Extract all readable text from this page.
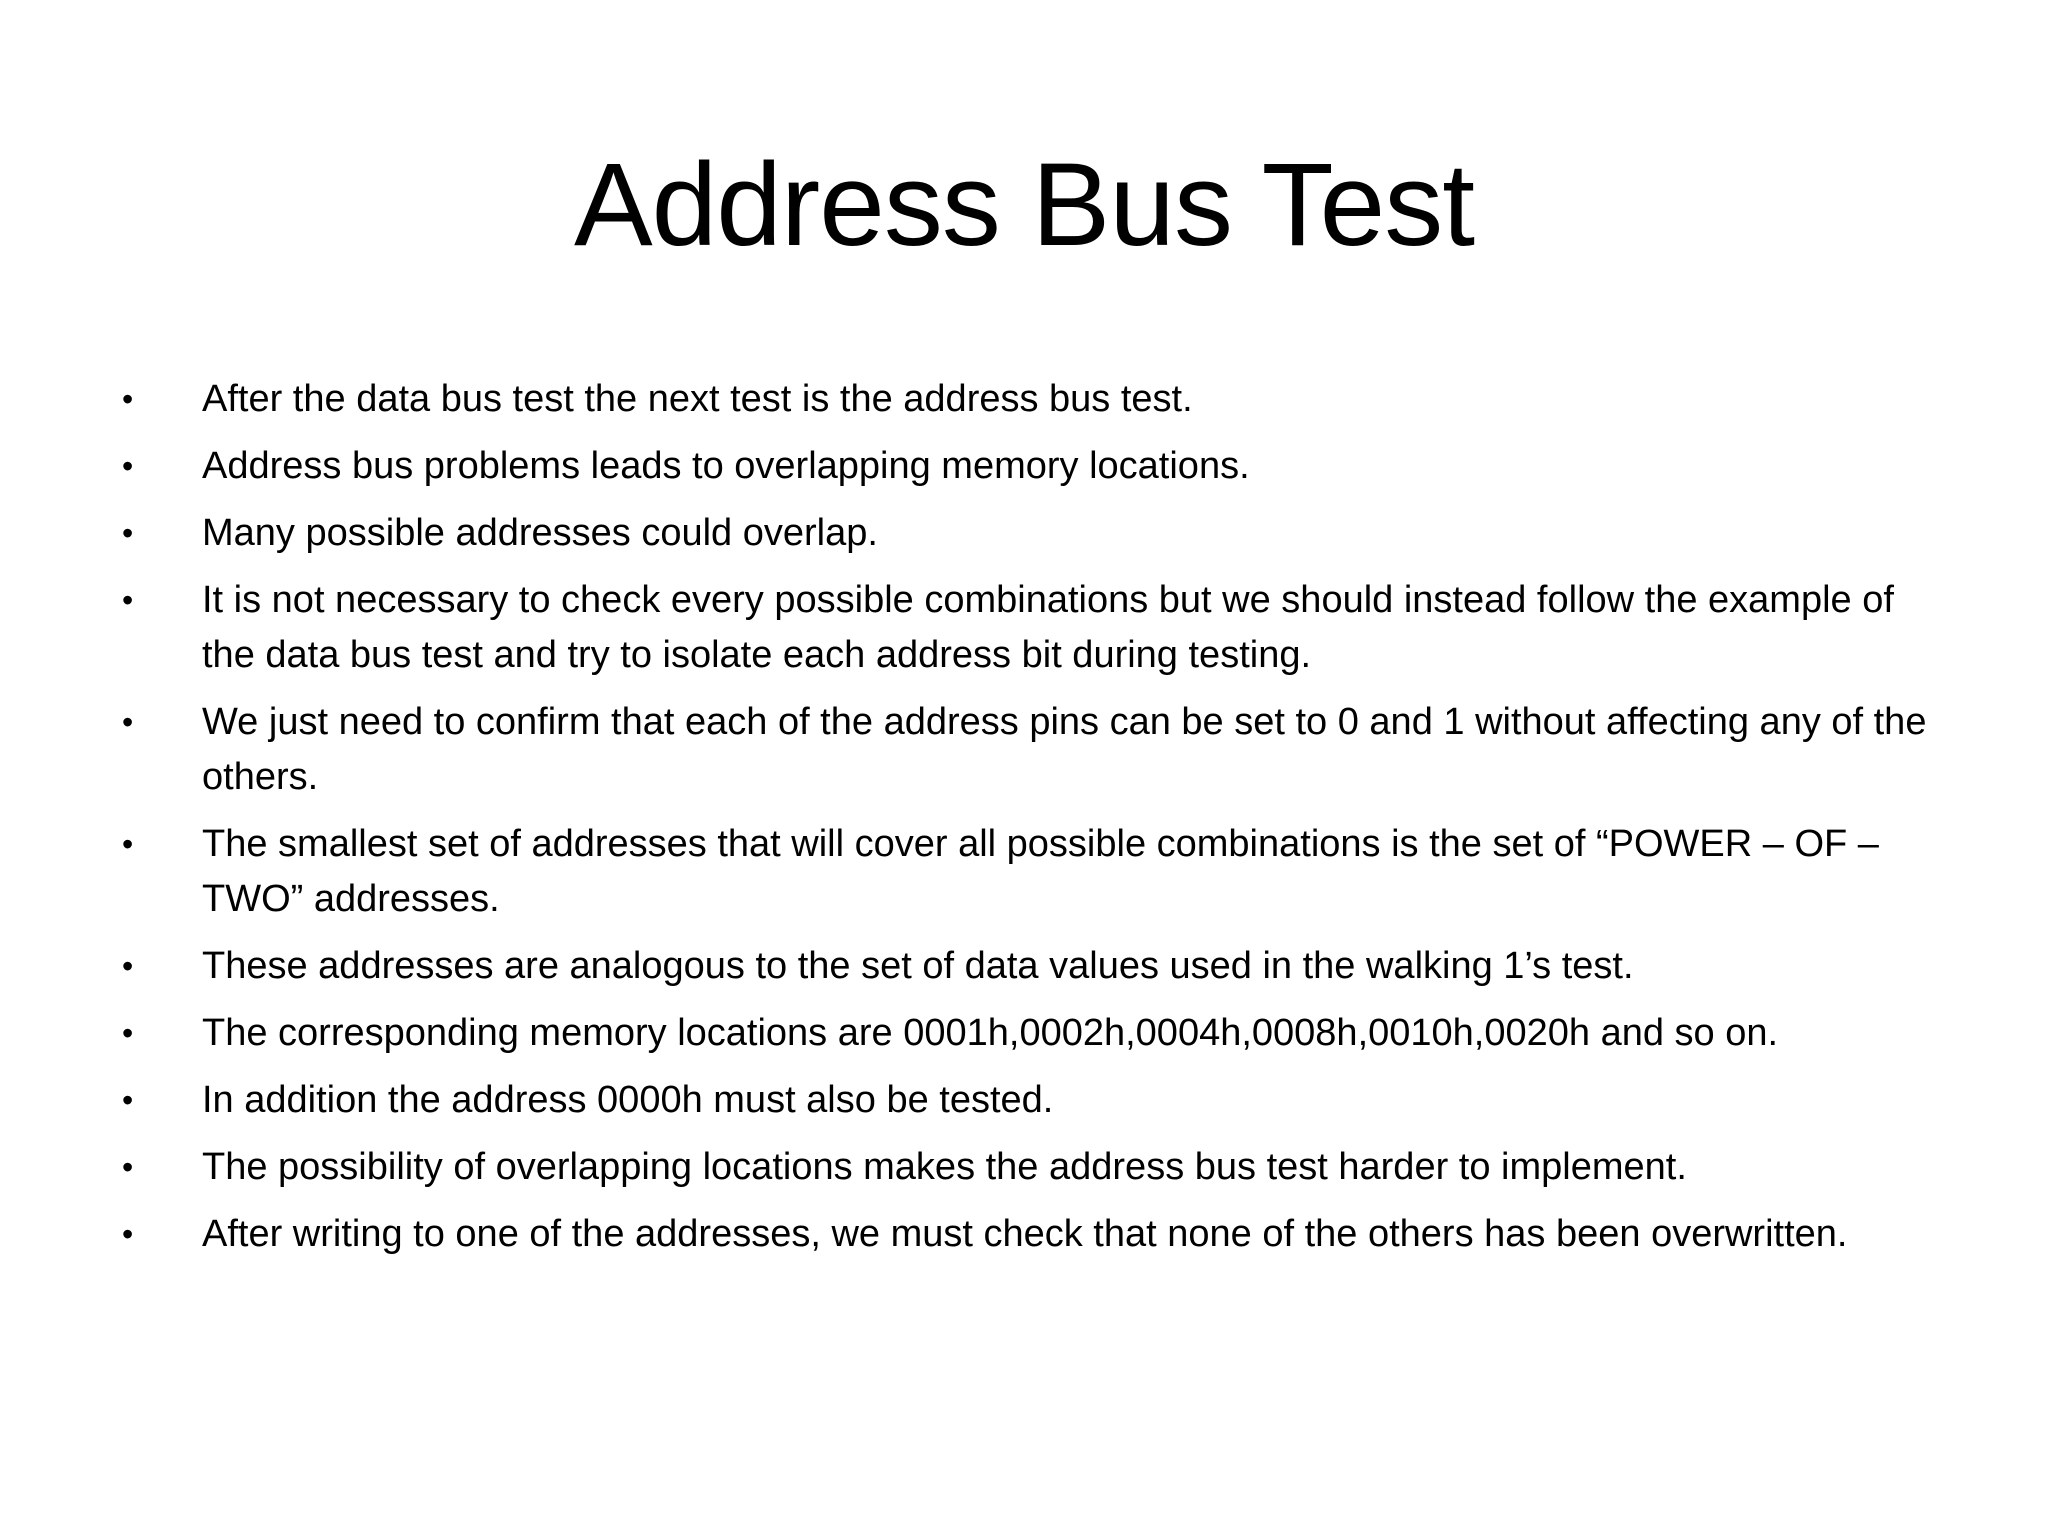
Address Bus Test
• After the data bus test the next test is the address bus test.
• Address bus problems leads to overlapping memory locations.
• Many possible addresses could overlap.
• It is not necessary to check every possible combinations but we should instead follow the example of the data bus test and try to isolate each address bit during testing.
• We just need to confirm that each of the address pins can be set to 0 and 1 without affecting any of the others.
• The smallest set of addresses that will cover all possible combinations is the set of “POWER – OF – TWO” addresses.
• These addresses are analogous to the set of data values used in the walking 1’s test.
• The corresponding memory locations are 0001h,0002h,0004h,0008h,0010h,0020h and so on.
• In addition the address 0000h must also be tested.
• The possibility of overlapping locations makes the address bus test harder to implement.
• After writing to one of the addresses, we must check that none of the others has been overwritten.
